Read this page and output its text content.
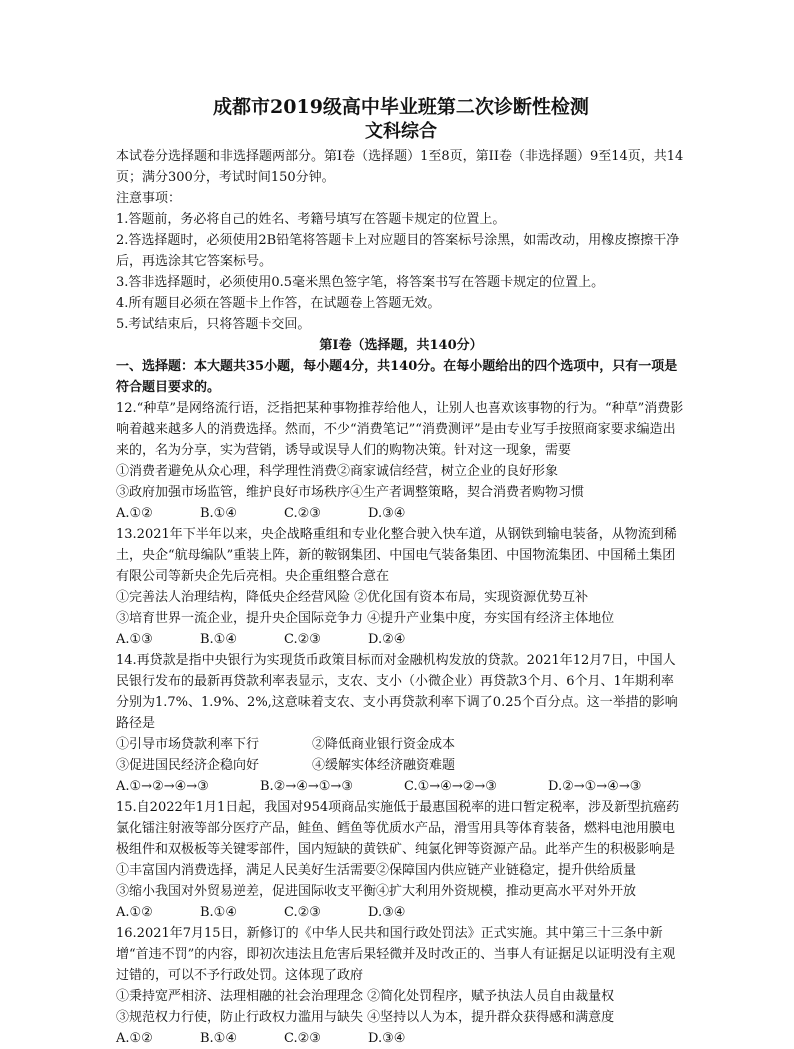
成都市2019级高中毕业班第二次诊断性检测

文科综合

本试卷分选择题和非选择题两部分。第I卷（选择题）1至8页，第II卷（非选择题）9至14页，共14页；满分300分，考试时间150分钟。

注意事项：

1.答题前，务必将自己的姓名、考籍号填写在答题卡规定的位置上。

2.答选择题时，必须使用2B铅笔将答题卡上对应题目的答案标号涂黑，如需改动，用橡皮擦擦干净后，再选涂其它答案标号。

3.答非选择题时，必须使用0.5毫米黑色签字笔，将答案书写在答题卡规定的位置上。

4.所有题目必须在答题卡上作答，在试题卷上答题无效。

5.考试结束后，只将答题卡交回。

第I卷（选择题，共140分）

一、选择题：本大题共35小题，每小题4分，共140分。在每小题给出的四个选项中，只有一项是符合题目要求的。

12.“种草”是网络流行语，泛指把某种事物推荐给他人，让别人也喜欢该事物的行为。“种草”消费影响着越来越多人的消费选择。然而，不少“消费笔记”“消费测评”是由专业写手按照商家要求编造出来的，名为分享，实为营销，诱导或误导人们的购物决策。针对这一现象，需要

①消费者避免从众心理，科学理性消费②商家诚信经营，树立企业的良好形象

③政府加强市场监管，维护良好市场秩序④生产者调整策略，契合消费者购物习惯

A.①②	B.①④	C.②③	D.③④

13.2021年下半年以来，央企战略重组和专业化整合驶入快车道，从钢铁到输电装备，从物流到稀土，央企“航母编队”重装上阵，新的鞍钢集团、中国电气装备集团、中国物流集团、中国稀土集团有限公司等新央企先后亮相。央企重组整合意在

①完善法人治理结构，降低央企经营风险 ②优化国有资本布局，实现资源优势互补

③培育世界一流企业，提升央企国际竞争力 ④提升产业集中度，夯实国有经济主体地位

A.①③	B.①④	C.②③	D.②④

14.再贷款是指中央银行为实现货币政策目标而对金融机构发放的贷款。2021年12月7日，中国人民银行发布的最新再贷款利率表显示，支农、支小（小微企业）再贷款3个月、6个月、1年期利率分别为1.7%、1.9%、2%,这意味着支农、支小再贷款利率下调了0.25个百分点。这一举措的影响路径是

①引导市场贷款利率下行	②降低商业银行资金成本
③促进国民经济企稳向好	④缓解实体经济融资难题
A.①→②→④→③	B.②→④→①→③	C.①→④→②→③	D.②→①→④→③

15.自2022年1月1日起，我国对954项商品实施低于最惠国税率的进口暂定税率，涉及新型抗癌药氯化镭注射液等部分医疗产品，鲑鱼、鳕鱼等优质水产品，滑雪用具等体育装备，燃料电池用膜电极组件和双极板等关键零部件，国内短缺的黄铁矿、纯氯化钾等资源产品。此举产生的积极影响是

①丰富国内消费选择，满足人民美好生活需要②保障国内供应链产业链稳定，提升供给质量

③缩小我国对外贸易逆差，促进国际收支平衡④扩大利用外资规模，推动更高水平对外开放

A.①②	B.①④	C.②③	D.③④

16.2021年7月15日，新修订的《中华人民共和国行政处罚法》正式实施。其中第三十三条中新增“首违不罚”的内容，即初次违法且危害后果轻微并及时改正的、当事人有证据足以证明没有主观过错的，可以不予行政处罚。这体现了政府

①秉持宽严相济、法理相融的社会治理理念 ②简化处罚程序，赋予执法人员自由裁量权

③规范权力行使，防止行政权力滥用与缺失 ④坚持以人为本，提升群众获得感和满意度

A.①②	B.①④	C.②③	D.③④
